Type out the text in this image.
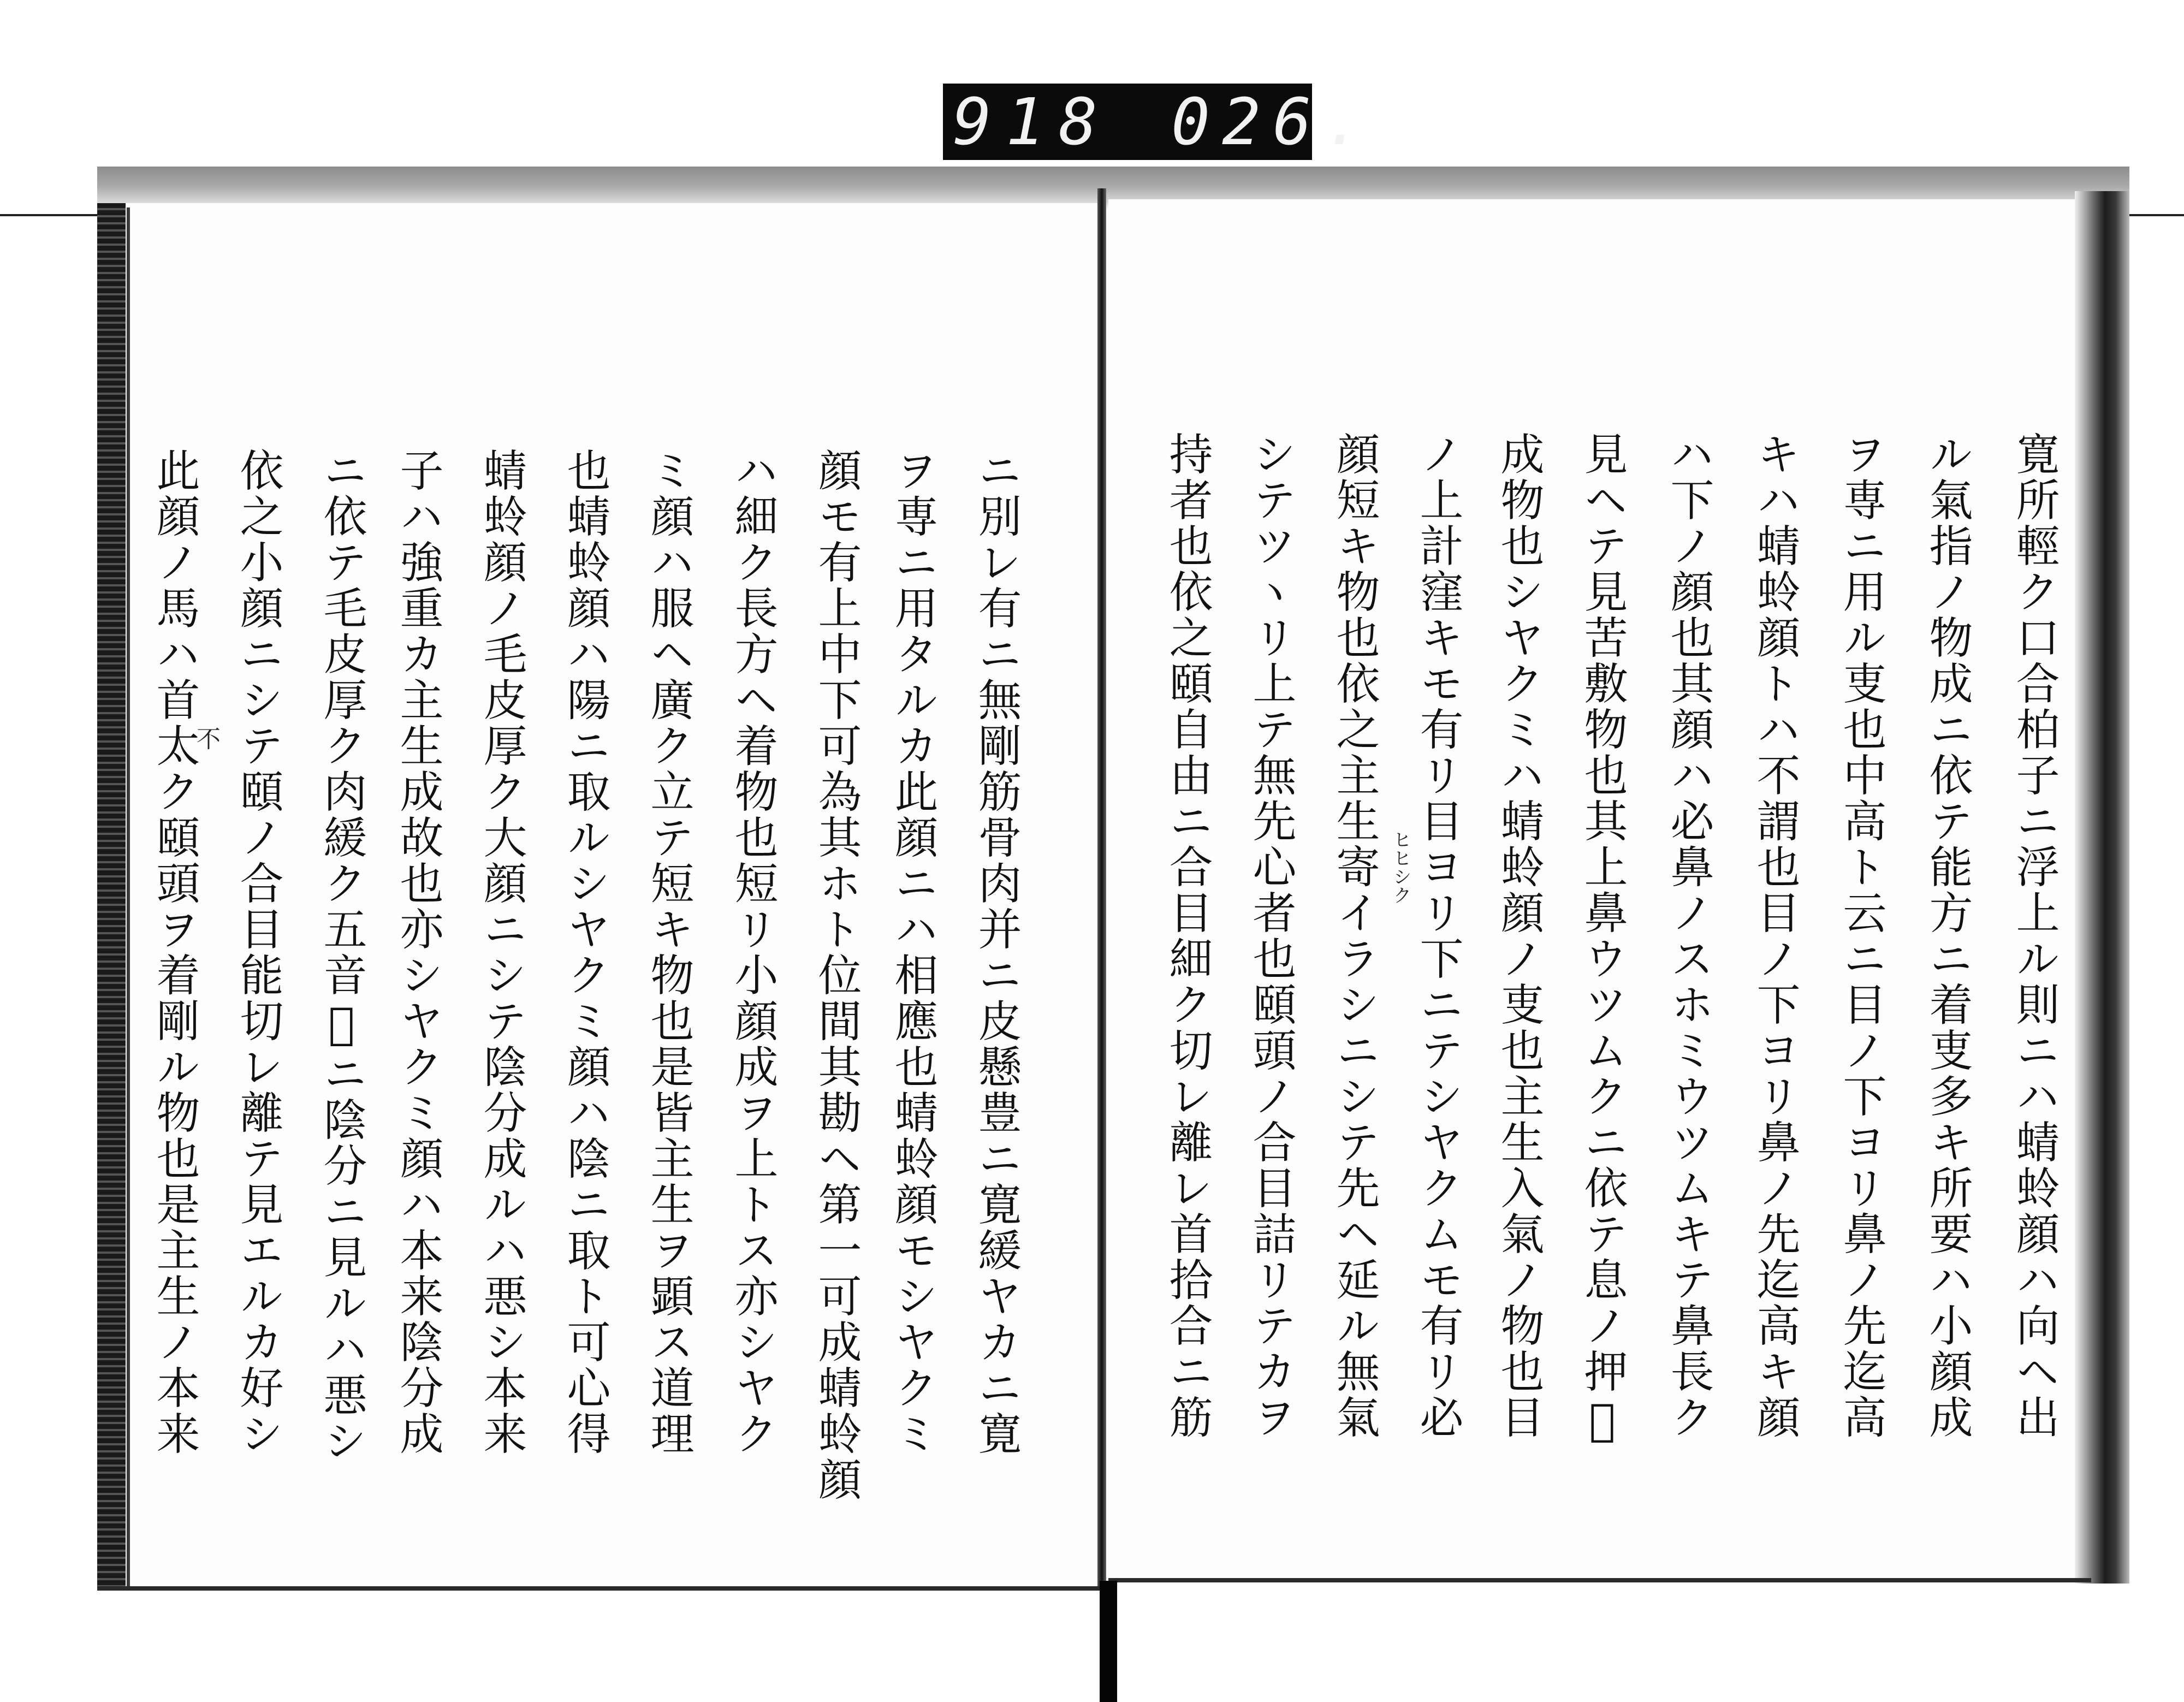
918 026.
寛所輕ク口合柏子ニ浮上ル則ニハ蜻蛉顔ハ向ヘ出
ル氣指ノ物成ニ依テ能方ニ着叓多キ所要ハ小顔成
ヲ専ニ用ル叓也中高ト云ニ目ノ下ヨリ鼻ノ先迄高
キハ蜻蛉顔トハ不謂也目ノ下ヨリ鼻ノ先迄高キ顔
ハ下ノ顔也其顔ハ必鼻ノスホミウツムキテ鼻長ク
見ヘテ見苦敷物也其上鼻ウツムクニ依テ息ノ押𪜈
成物也シヤクミハ蜻蛉顔ノ叓也主生入氣ノ物也目
ノ上計窪キモ有リ目ヨリ下ニテシヤクムモ有リ必
顔短キ物也依之主生寄イラシニシテ先ヘ延ル無氣
シテツヽリ上テ無先心者也頤頭ノ合目詰リテカヲ
持者也依之頤自由ニ合目細ク切レ離レ首拾合ニ筋
ニ別レ有ニ無剛筋骨肉并ニ皮懸豊ニ寛緩ヤカニ寛
ヲ専ニ用タルカ此顔ニハ相應也蜻蛉顔モシヤクミ
顔モ有上中下可為其ホト位間其勘ヘ第一可成蜻蛉顔
ハ細ク長方ヘ着物也短リ小顔成ヲ上トス亦シヤク
ミ顔ハ服ヘ廣ク立テ短キ物也是皆主生ヲ顕ス道理
也蜻蛉顔ハ陽ニ取ルシヤクミ顔ハ陰ニ取ト可心得
蜻蛉顔ノ毛皮厚ク大顔ニシテ陰分成ルハ悪シ本来
子ハ強重カ主生成故也亦シヤクミ顔ハ本来陰分成
ニ依テ毛皮厚ク肉緩ク五音𪜈ニ陰分ニ見ルハ悪シ
依之小顔ニシテ頤ノ合目能切レ離テ見エルカ好シ
此顔ノ馬ハ首太ク頤頭ヲ着剛ル物也是主生ノ本来	ヒヒシク
不
